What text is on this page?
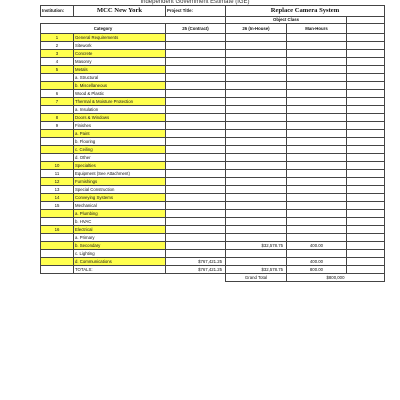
Independent Government Estimate (IGE)
Institution:	MCC New York	Project Title:	Replace Camera System		
			Object Class		
Category		25 (Contract)	26 (In-House)	Man-Hours	
1	General Requirements				
2	Sitework				
3	Concrete				
4	Masonry				
5	Metals				
	a. Structural				
	b. Miscellaneous				
6	Wood & Plastic				
7	Thermal & Moisture Protection				
	a. Insulation				
8	Doors & Windows				
9	Finishes				
	a. Paint				
	b. Flooring				
	c. Ceiling				
	d. Other				
10	Specialties				
11	Equipment (See Attachment)				
12	Furnishings				
13	Special Construction				
14	Conveying Systems				
15	Mechanical				
	a. Plumbing				
	b. HVAC				
16	Electrical				
	a. Primary				
	b. Secondary		$32,578.75	400.00	
	c. Lighting				
	d. Communications	$767,421.25		400.00	
	TOTALS:	$767,421.25	$32,578.75	800.00	
			Grand Total	$800,000	
